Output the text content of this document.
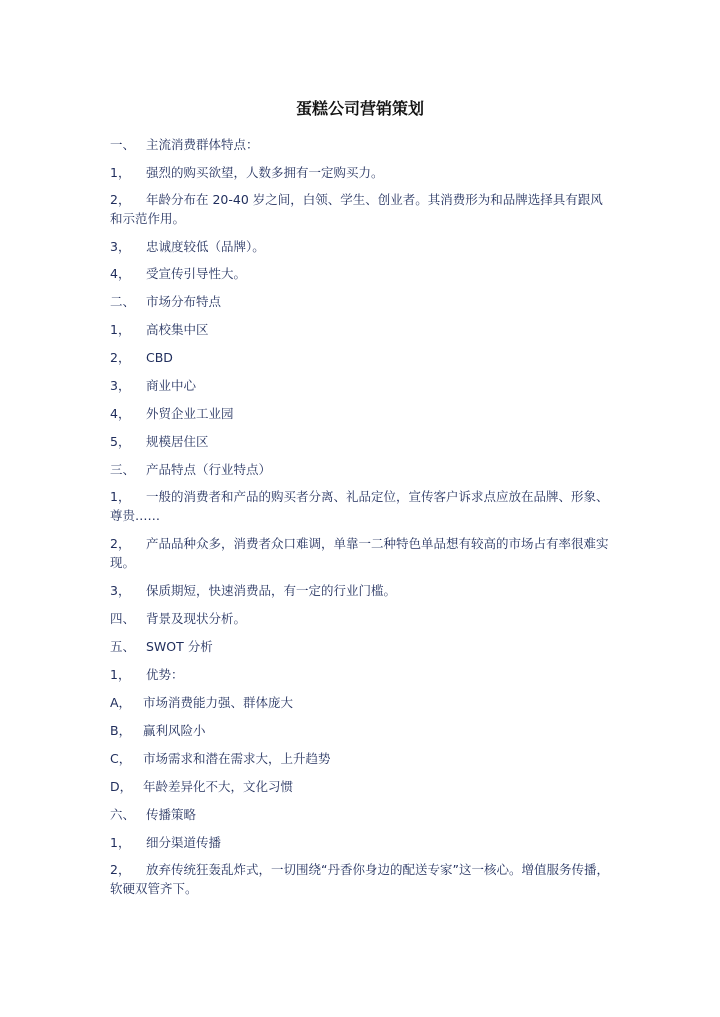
蛋糕公司营销策划
一、 主流消费群体特点：
1， 强烈的购买欲望，人数多拥有一定购买力。
2， 年龄分布在 20-40 岁之间，白领、学生、创业者。其消费形为和品牌选择具有跟风和示范作用。
3， 忠诚度较低（品牌）。
4， 受宣传引导性大。
二、 市场分布特点
1， 高校集中区
2， CBD
3， 商业中心
4， 外贸企业工业园
5， 规模居住区
三、 产品特点（行业特点）
1， 一般的消费者和产品的购买者分离、礼品定位，宣传客户诉求点应放在品牌、形象、尊贵……
2， 产品品种众多，消费者众口难调，单靠一二种特色单品想有较高的市场占有率很难实现。
3， 保质期短，快速消费品，有一定的行业门槛。
四、 背景及现状分析。
五、 SWOT 分析
1， 优势：
A， 市场消费能力强、群体庞大
B， 赢利风险小
C， 市场需求和潜在需求大，上升趋势
D， 年龄差异化不大，文化习惯
六、 传播策略
1， 细分渠道传播
2， 放弃传统狂轰乱炸式，一切围绕“丹香你身边的配送专家”这一核心。增值服务传播，软硬双管齐下。
